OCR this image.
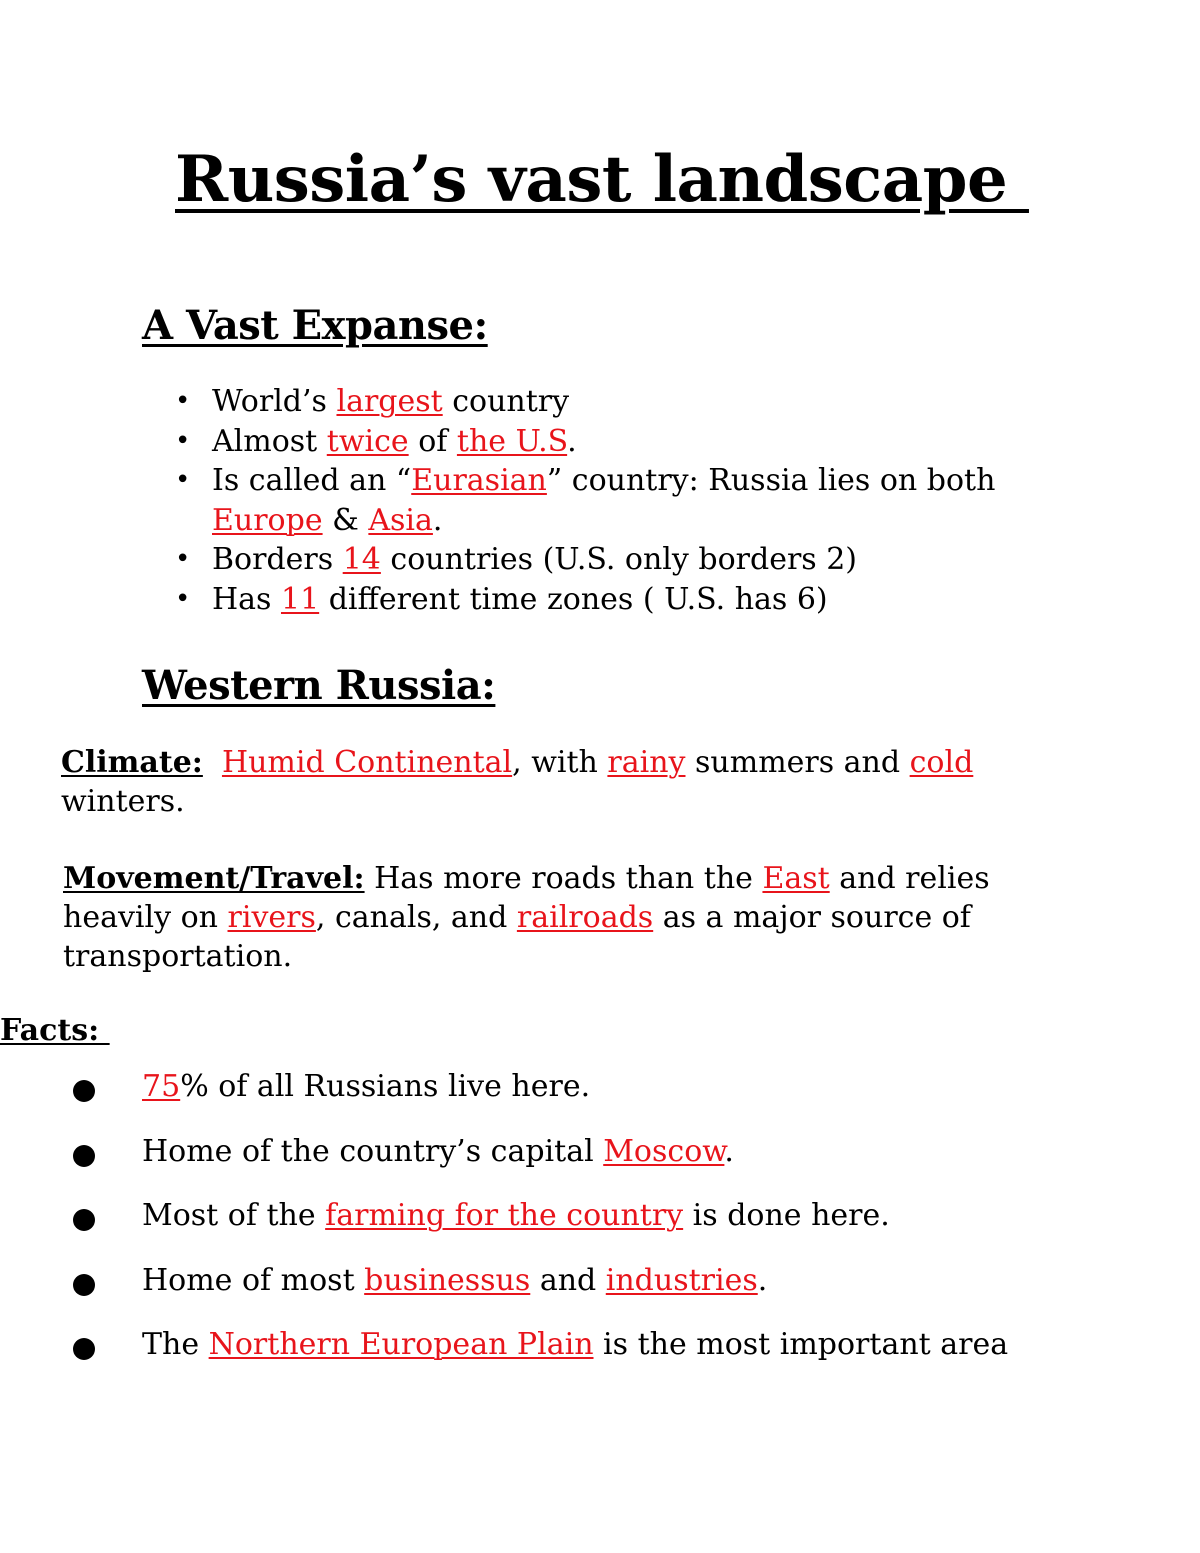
Russia’s vast landscape
A Vast Expanse:
• World’s largest country
• Almost twice of the U.S.
• Is called an “Eurasian” country: Russia lies on both Europe & Asia.
• Borders 14 countries (U.S. only borders 2)
• Has 11 different time zones ( U.S. has 6)
Western Russia:

Climate: Humid Continental, with rainy summers and cold winters.

Movement/Travel: Has more roads than the East and relies heavily on rivers, canals, and railroads as a major source of transportation.

Facts:

75% of all Russians live here.
Home of the country’s capital Moscow.
Most of the farming for the country is done here.
Home of most businessus and industries.
The Northern European Plain is the most important area
